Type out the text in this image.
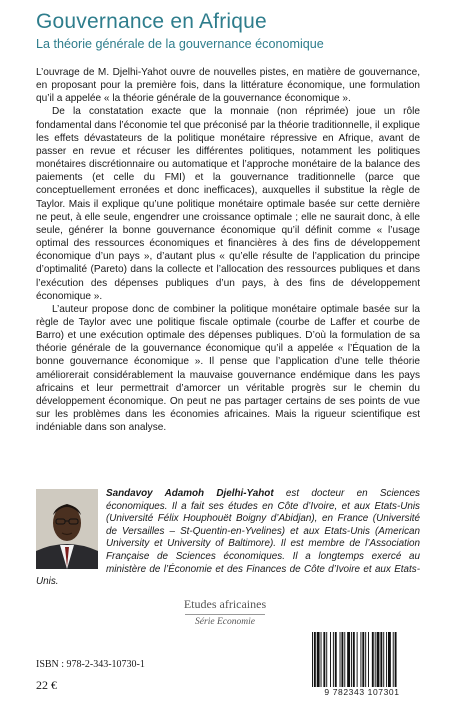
Gouvernance en Afrique
La théorie générale de la gouvernance économique

L’ouvrage de M. Djelhi-Yahot ouvre de nouvelles pistes, en matière de gouvernance, en proposant pour la première fois, dans la littérature économique, une formulation qu’il a appelée « la théorie générale de la gouvernance économique ».

De la constatation exacte que la monnaie (non réprimée) joue un rôle fondamental dans l’économie tel que préconisé par la théorie traditionnelle, il explique les effets dévastateurs de la politique monétaire répressive en Afrique, avant de passer en revue et récuser les différentes politiques, notamment les politiques monétaires discrétionnaire ou automatique et l’approche monétaire de la balance des paiements (et celle du FMI) et la gouvernance traditionnelle (parce que conceptuellement erronées et donc inefficaces), auxquelles il substitue la règle de Taylor. Mais il explique qu’une politique monétaire optimale basée sur cette dernière ne peut, à elle seule, engendrer une croissance optimale ; elle ne saurait donc, à elle seule, générer la bonne gouvernance économique qu’il définit comme « l’usage optimal des ressources économiques et financières à des fins de développement économique d’un pays », d’autant plus « qu’elle résulte de l’application du principe d’optimalité (Pareto) dans la collecte et l’allocation des ressources publiques et dans l’exécution des dépenses publiques d’un pays, à des fins de développement économique ».

L’auteur propose donc de combiner la politique monétaire optimale basée sur la règle de Taylor avec une politique fiscale optimale (courbe de Laffer et courbe de Barro) et une exécution optimale des dépenses publiques. D’où la formulation de sa théorie générale de la gouvernance économique qu’il a appelée « l’Équation de la bonne gouvernance économique ». Il pense que l’application d’une telle théorie améliorerait considérablement la mauvaise gouvernance endémique dans les pays africains et leur permettrait d’amorcer un véritable progrès sur le chemin du développement économique. On peut ne pas partager certains de ses points de vue sur les problèmes dans les économies africaines. Mais la rigueur scientifique est indéniable dans son analyse.

Sandavoy Adamoh Djelhi-Yahot est docteur en Sciences économiques. Il a fait ses études en Côte d’Ivoire, et aux Etats-Unis (Université Félix Houphouët Boigny d’Abidjan), en France (Université de Versailles – St-Quentin-en-Yvelines) et aux Etats-Unis (American University et University of Baltimore). Il est membre de l’Association Française de Sciences économiques. Il a longtemps exercé au ministère de l’Économie et des Finances de Côte d’Ivoire et aux Etats-Unis.
Etudes africaines
Série Economie
ISBN : 978-2-343-10730-1
22 €	9 782343 107301
